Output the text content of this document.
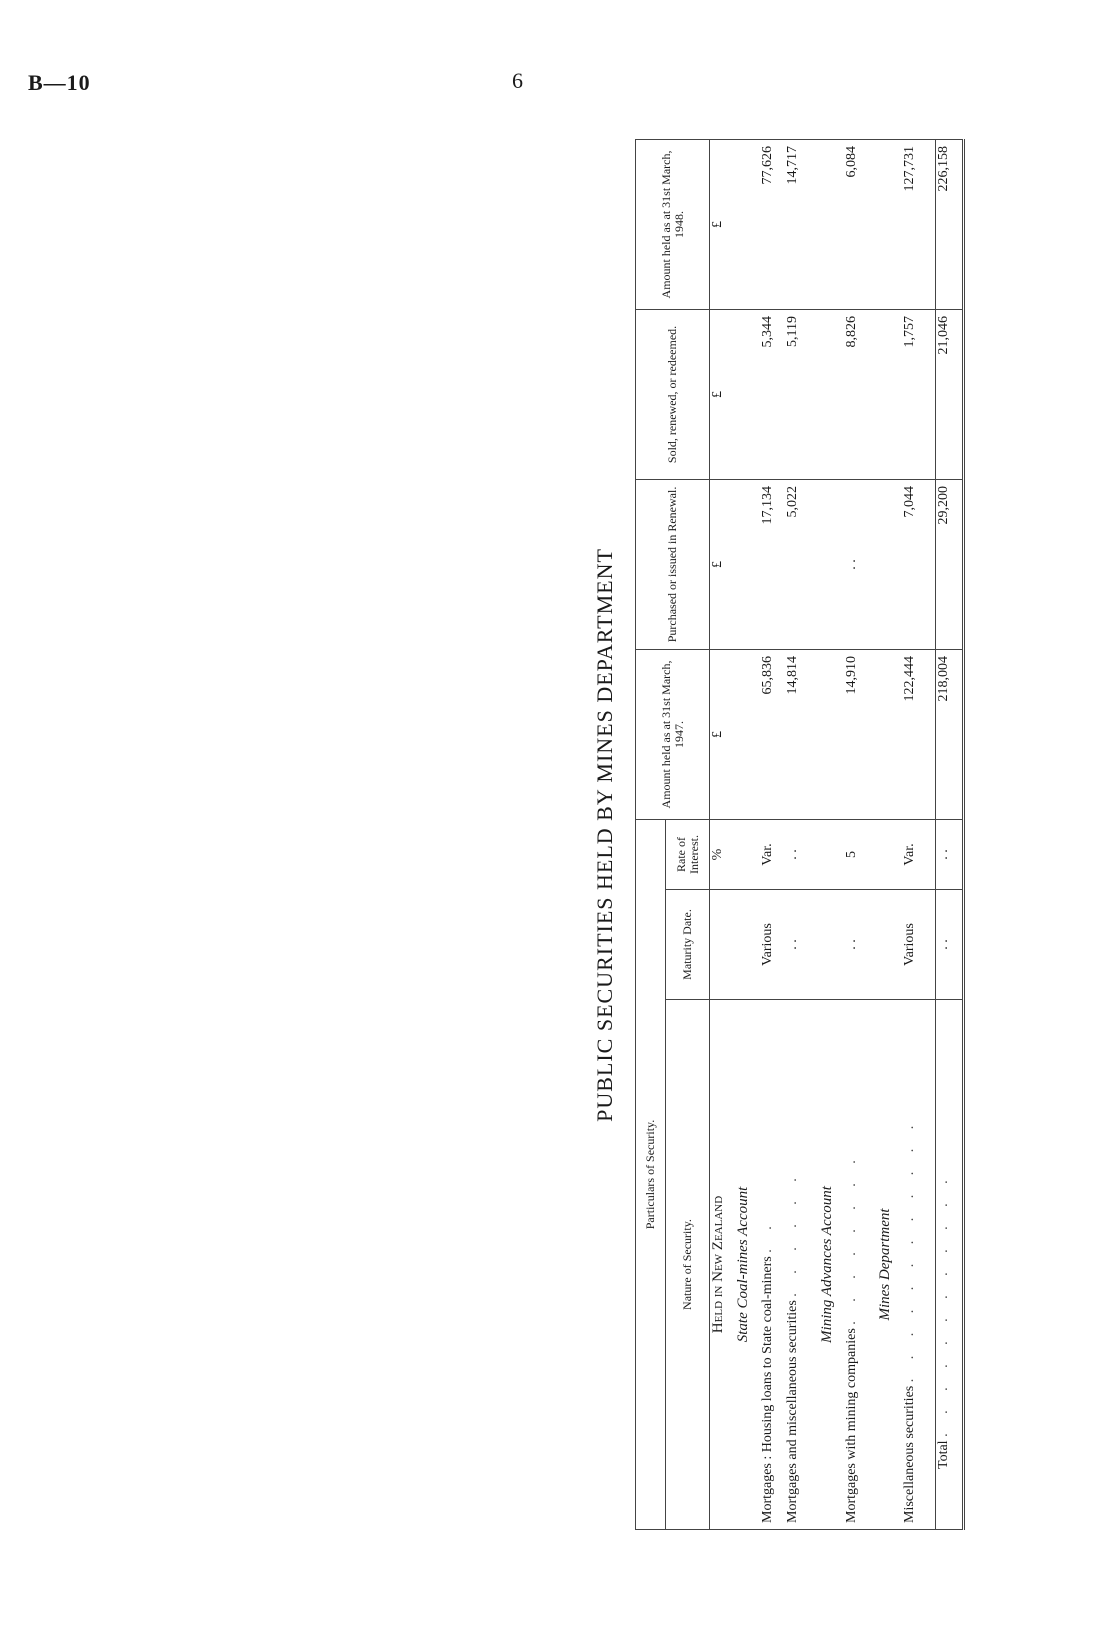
B—10	6
PUBLIC SECURITIES HELD BY MINES DEPARTMENT
Particulars of Security.			Amount held as at 31st March, 1947.	Purchased or issued in Renewal.	Sold, renewed, or redeemed.	Amount held as at 31st March, 1948.
Nature of Security.	Maturity Date.	Rate of Interest.				
Held in New Zealand		%	£	£	£	£
State Coal-mines Account						
Mortgages : Housing loans to State coal-miners . .	Various	Var.	65,836	17,134	5,344	77,626
Mortgages and miscellaneous securities . . . . . .	. .	. .	14,814	5,022	5,119	14,717

Mining Advances Account						
Mortgages with mining companies . . . . . . . .	. .	5	14,910	. .	8,826	6,084

Mines Department						
Miscellaneous securities . . . . . . . . . . . .	Various	Var.	122,444	7,044	1,757	127,731

Total . . . . . . . . . . . .	. .	. .	218,004	29,200	21,046	226,158
